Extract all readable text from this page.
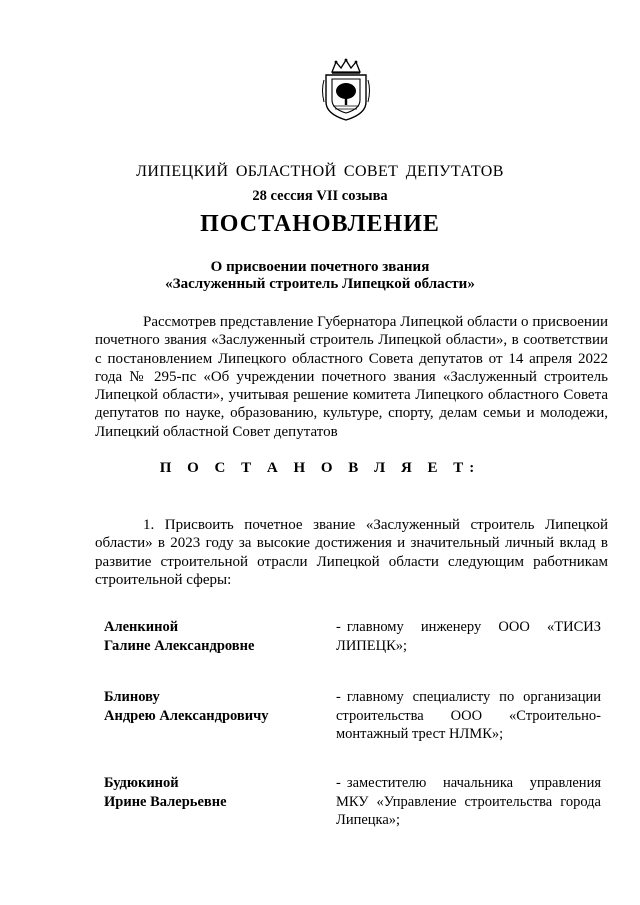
ЛИПЕЦКИЙ ОБЛАСТНОЙ СОВЕТ ДЕПУТАТОВ
28 сессия VII созыва
ПОСТАНОВЛЕНИЕ
О присвоении почетного звания
«Заслуженный строитель Липецкой области»

Рассмотрев представление Губернатора Липецкой области о присвоении почетного звания «Заслуженный строитель Липецкой области», в соответствии с постановлением Липецкого областного Совета депутатов от 14 апреля 2022 года № 295-пс «Об учреждении почетного звания «Заслуженный строитель Липецкой области», учитывая решение комитета Липецкого областного Совета депутатов по науке, образованию, культуре, спорту, делам семьи и молодежи, Липецкий областной Совет депутатов

П О С Т А Н О В Л Я Е Т:

1. Присвоить почетное звание «Заслуженный строитель Липецкой области» в 2023 году за высокие достижения и значительный личный вклад в развитие строительной отрасли Липецкой области следующим работникам строительной сферы:

Аленкиной
Галине Александровне

- главному инженеру ООО «ТИСИЗ ЛИПЕЦК»;

Блинову
Андрею Александровичу

- главному специалисту по организации строительства ООО «Строительно-монтажный трест НЛМК»;

Будюкиной
Ирине Валерьевне

- заместителю начальника управления МКУ «Управление строительства города Липецка»;
